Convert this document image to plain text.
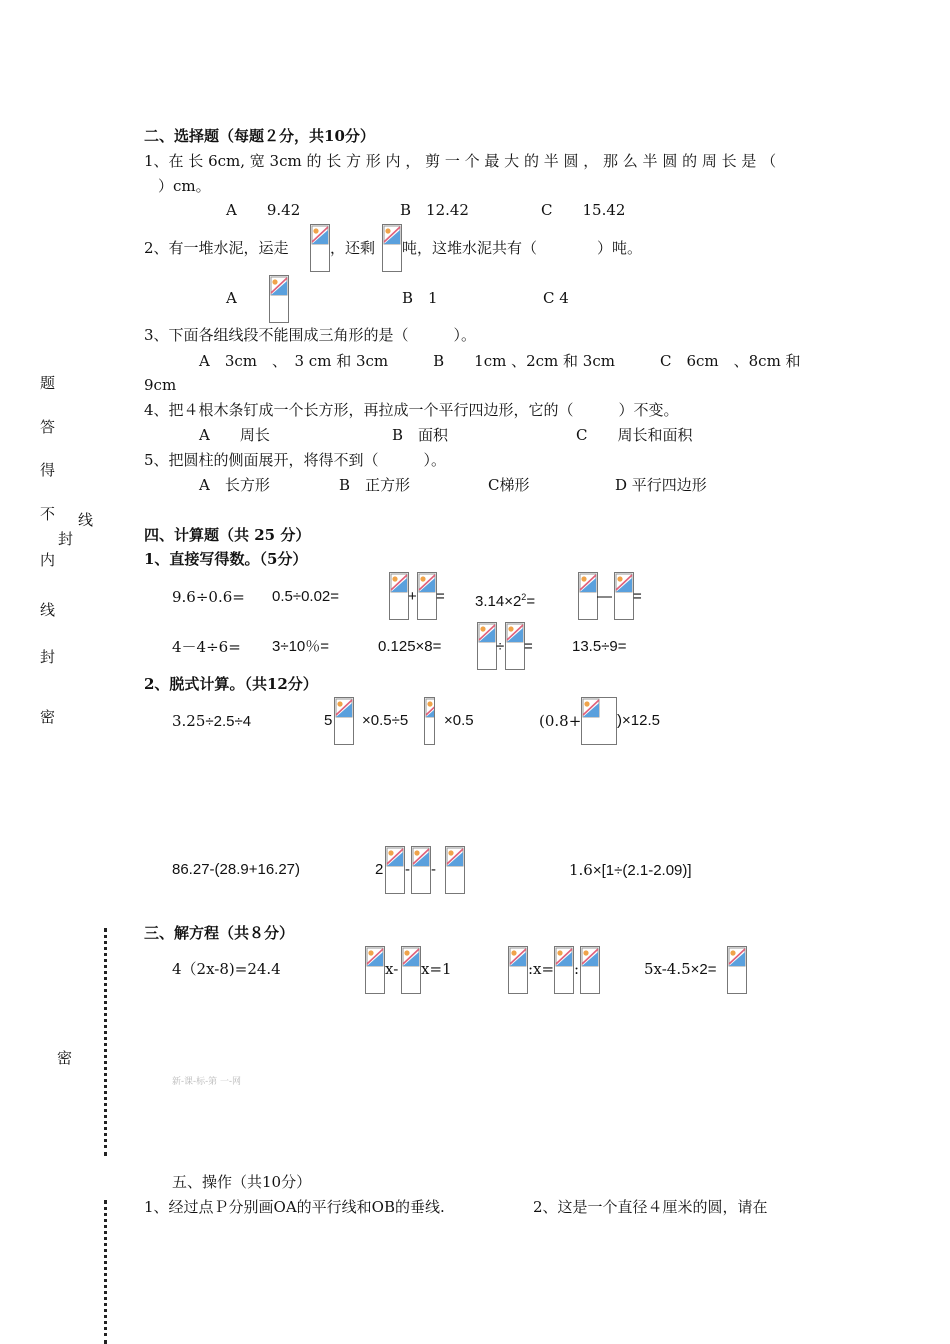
题
答
得
不
内
线
封
密
线
封
密
二、选择题（每题２分，共10分）
1、在 长 6cm, 宽 3cm 的 长 方 形 内 ， 剪 一 个 最 大 的 半 圆 ， 那 么 半 圆 的 周 长 是 （
）cm。
A　　9.42	B　12.42	C　　15.42
2、有一堆水泥，运走	，还剩 吨，这堆水泥共有（　　　　）吨。
A	B　1	C 4
3、下面各组线段不能围成三角形的是（　　　）。
A　3cm　、　3 cm 和 3cm　　　B　　1cm 、2cm 和 3cm　　　C　6cm　、8cm 和
9cm
4、把４根木条钉成一个长方形，再拉成一个平行四边形，它的（　　　）不变。
A　　周长	B　面积	C　　周长和面积
5、把圆柱的侧面展开，将得不到（　　　）。
A　长方形	B　正方形	C梯形	D 平行四边形
四、计算题（共 25 分）
1、直接写得数。（5分）
9.6÷0.6= 0.5÷0.02=	+ = $3.14\times 2^2=$	— =
4－4÷6= 3÷10％=	0.125×8=	÷ =	13.5÷9=
2、脱式计算。（共12分）
3.25÷2.5÷4	5 ×0.5÷5 ×0.5	(0.8+ )×12.5
86.27-(28.9+16.27)	2 - -	1.6×[1÷(2.1-2.09)]
三、解方程（共８分）
4（2x-8)=24.4	x- x=1	:x= :	5x-4.5×2=
新-课-标-第 一-网
五、操作（共10分）
1、经过点Ｐ分别画OA的平行线和OB的垂线.	2、这是一个直径４厘米的圆，请在
